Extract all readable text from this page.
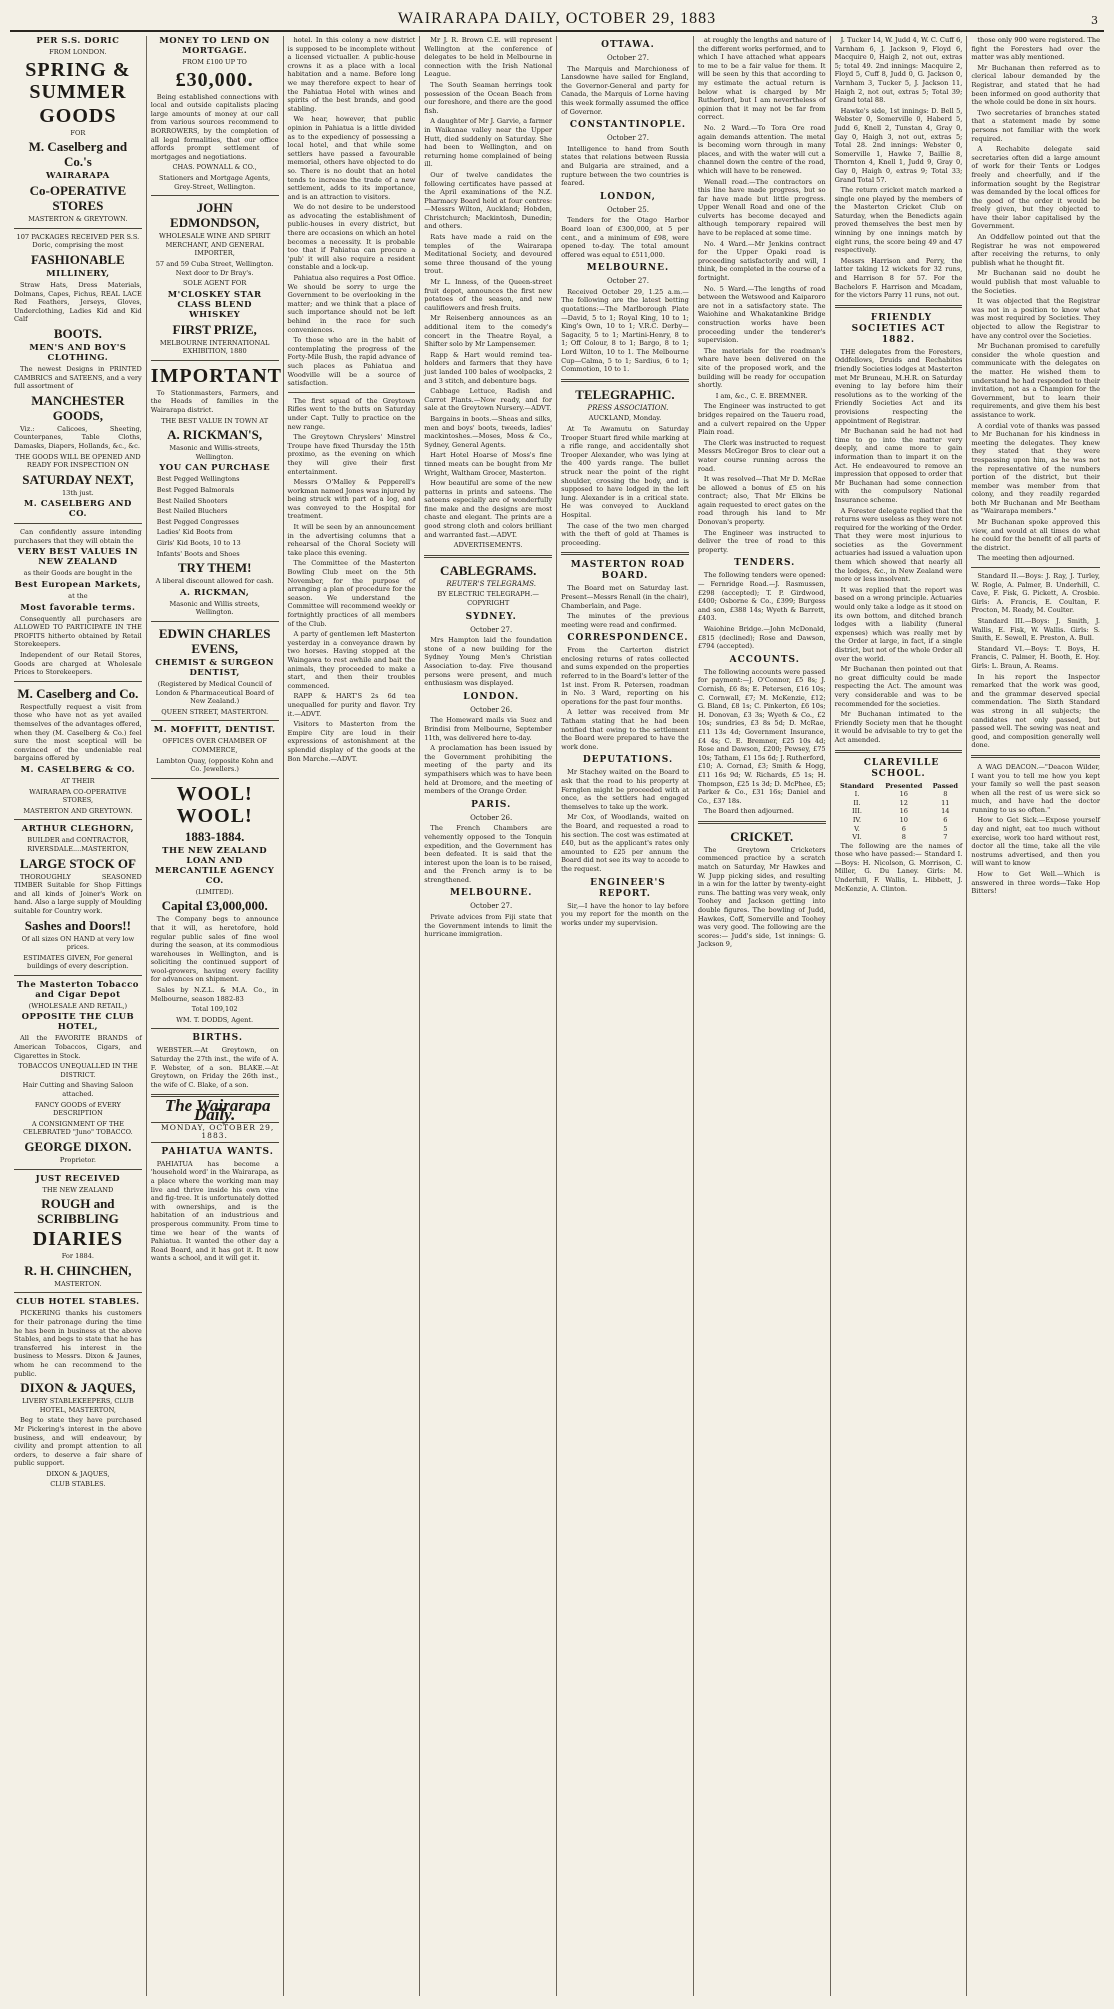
WAIRARAPA DAILY, OCTOBER 29, 1883	3

PER S.S. DORIC

FROM LONDON.

SPRING & SUMMER

GOODS

FOR

M. Caselberg and Co.'s

WAIRARAPA

Co-OPERATIVE STORES

MASTERTON & GREYTOWN.

107 PACKAGES RECEIVED PER S.S. Doric, comprising the most

FASHIONABLE

MILLINERY,

Straw Hats, Dress Materials, Dolmans, Capes, Fichus, REAL LACE Red Feathers, Jerseys, Gloves, Underclothing, Ladies Kid and Kid Calf

BOOTS.

MEN'S AND BOY'S CLOTHING.

The newest Designs in PRINTED CAMBRICS and SATEENS, and a very full assortment of

MANCHESTER GOODS,

Viz.: Calicoes, Sheeting, Counterpanes, Table Cloths, Damasks, Diapers, Hollands, &c., &c.

THE GOODS WILL BE OPENED AND READY FOR INSPECTION ON

SATURDAY NEXT,

13th just.

M. CASELBERG AND CO.

Can confidently assure intending purchasers that they will obtain the

VERY BEST VALUES IN NEW ZEALAND

as their Goods are bought in the

Best European Markets,

at the

Most favorable terms.

Consequently all purchasers are ALLOWED TO PARTICIPATE IN THE PROFITS hitherto obtained by Retail Storekeepers.

Independent of our Retail Stores, Goods are charged at Wholesale Prices to Storekeepers.

M. Caselberg and Co.

Respectfully request a visit from those who have not as yet availed themselves of the advantages offered, when they (M. Caselberg & Co.) feel sure the most sceptical will be convinced of the undeniable real bargains offered by

M. CASELBERG & CO.

AT THEIR

WAIRARAPA CO-OPERATIVE STORES,

MASTERTON AND GREYTOWN.

ARTHUR CLEGHORN,

BUILDER and CONTRACTOR, RIVERSDALE....MASTERTON,

LARGE STOCK OF

THOROUGHLY SEASONED TIMBER Suitable for Shop Fittings and all kinds of Joiner's Work on hand. Also a large supply of Moulding suitable for Country work.

Sashes and Doors!!

Of all sizes ON HAND at very low prices.

ESTIMATES GIVEN, For general buildings of every description.

The Masterton Tobacco and Cigar Depot

(WHOLESALE AND RETAIL,)

OPPOSITE THE CLUB HOTEL,

All the FAVORITE BRANDS of American Tobaccos, Cigars, and Cigarettes in Stock.

TOBACCOS UNEQUALLED IN THE DISTRICT.

Hair Cutting and Shaving Saloon attached.

FANCY GOODS of EVERY DESCRIPTION

A CONSIGNMENT OF THE CELEBRATED "Juno" TOBACCO.

GEORGE DIXON.

Proprietor.

JUST RECEIVED

THE NEW ZEALAND

ROUGH and SCRIBBLING

DIARIES

For 1884.

R. H. CHINCHEN,

MASTERTON.

CLUB HOTEL STABLES.

PICKERING thanks his customers for their patronage during the time he has been in business at the above Stables, and begs to state that he has transferred his interest in the business to Messrs. Dixon & Jaunes, whom he can recommend to the public.

DIXON & JAQUES,

LIVERY STABLEKEEPERS, CLUB HOTEL, MASTERTON,

Beg to state they have purchased Mr Pickering's interest in the above business, and will endeavour, by civility and prompt attention to all orders, to deserve a fair share of public support.

DIXON & JAQUES,

CLUB STABLES.

MONEY TO LEND ON MORTGAGE.

FROM £100 UP TO

£30,000.

Being established connections with local and outside capitalists placing large amounts of money at our call from various sources recommend to BORROWERS, by the completion of all legal formalities, that our office affords prompt settlement of mortgages and negotiations.

CHAS. POWNALL & CO.,

Stationers and Mortgage Agents, Grey-Street, Wellington.

JOHN EDMONDSON,

WHOLESALE WINE AND SPIRIT MERCHANT, AND GENERAL IMPORTER,

57 and 59 Cuba Street, Wellington. Next door to Dr Bray's.

SOLE AGENT FOR

M'CLOSKEY STAR CLASS BLEND WHISKEY

FIRST PRIZE,

MELBOURNE INTERNATIONAL EXHIBITION, 1880

IMPORTANT

To Stationmasters, Farmers, and the Heads of families in the Wairarapa district.

THE BEST VALUE IN TOWN AT

A. RICKMAN'S,

Masonic and Willis-streets, Wellington.

YOU CAN PURCHASE

Best Pegged Wellingtons

Best Pegged Balmorals

Best Nailed Shooters

Best Nailed Bluchers

Best Pegged Congresses

Ladies' Kid Boots from

Girls' Kid Boots, 10 to 13

Infants' Boots and Shoes

TRY THEM!

A liberal discount allowed for cash.

A. RICKMAN,

Masonic and Willis streets, Wellington.

EDWIN CHARLES EVENS,

CHEMIST & SURGEON DENTIST,

(Registered by Medical Council of London & Pharmaceutical Board of New Zealand.)

QUEEN STREET, MASTERTON.

M. MOFFITT, DENTIST.

OFFICES OVER CHAMBER OF COMMERCE,

Lambton Quay, (opposite Kohn and Co. Jewellers.)

WOOL! WOOL!

1883-1884.

THE NEW ZEALAND LOAN AND MERCANTILE AGENCY CO.

(LIMITED).

Capital £3,000,000.

The Company begs to announce that it will, as heretofore, hold regular public sales of fine wool during the season, at its commodious warehouses in Wellington, and is soliciting the continued support of wool-growers, having every facility for advances on shipment.

Sales by N.Z.L. & M.A. Co., in Melbourne, season 1882-83

Total 109,102

WM. T. DODDS, Agent.

BIRTHS.

WEBSTER.—At Greytown, on Saturday the 27th inst., the wife of A. F. Webster, of a son. BLAKE.—At Greytown, on Friday the 26th inst., the wife of C. Blake, of a son.

The Wairarapa Daily.

MONDAY, OCTOBER 29, 1883.

PAHIATUA WANTS.

PAHIATUA has become a 'household word' in the Wairarapa, as a place where the working man may live and thrive inside his own vine and fig-tree. It is unfortunately dotted with ownerships, and is the habitation of an industrious and prosperous community. From time to time we hear of the wants of Pahiatua. It wanted the other day a Road Board, and it has got it. It now wants a school, and it will get it.

hotel. In this colony a new district is supposed to be incomplete without a licensed victualler. A public-house crowns it as a place with a local habitation and a name. Before long we may therefore expect to hear of the Pahiatua Hotel with wines and spirits of the best brands, and good stabling.

We hear, however, that public opinion in Pahiatua is a little divided as to the expediency of possessing a local hotel, and that while some settlers have passed a favourable memorial, others have objected to do so. There is no doubt that an hotel tends to increase the trade of a new settlement, adds to its importance, and is an attraction to visitors.

We do not desire to be understood as advocating the establishment of public-houses in every district, but there are occasions on which an hotel becomes a necessity. It is probable too that if Pahiatua can procure a 'pub' it will also require a resident constable and a lock-up.

Pahiatua also requires a Post Office. We should be sorry to urge the Government to be overlooking in the matter; and we think that a place of such importance should not be left behind in the race for such conveniences.

To those who are in the habit of contemplating the progress of the Forty-Mile Bush, the rapid advance of such places as Pahiatua and Woodville will be a source of satisfaction.

The first squad of the Greytown Rifles went to the butts on Saturday under Capt. Tully to practice on the new range.

The Greytown Chryslers' Minstrel Troupe have fixed Thursday the 15th proximo, as the evening on which they will give their first entertainment.

Messrs O'Malley & Pepperell's workman named Jones was injured by being struck with part of a log, and was conveyed to the Hospital for treatment.

It will be seen by an announcement in the advertising columns that a rehearsal of the Choral Society will take place this evening.

The Committee of the Masterton Bowling Club meet on the 5th November, for the purpose of arranging a plan of procedure for the season. We understand the Committee will recommend weekly or fortnightly practices of all members of the Club.

A party of gentlemen left Masterton yesterday in a conveyance drawn by two horses. Having stopped at the Waingawa to rest awhile and bait the animals, they proceeded to make a start, and then their troubles commenced.

RAPP & HART'S 2s 6d tea unequalled for purity and flavor. Try it.—ADVT.

Visitors to Masterton from the Empire City are loud in their expressions of astonishment at the splendid display of the goods at the Bon Marche.—ADVT.

Mr J. R. Brown C.E. will represent Wellington at the conference of delegates to be held in Melbourne in connection with the Irish National League.

The South Seaman herrings took possession of the Ocean Beach from our foreshore, and there are the good fish.

A daughter of Mr J. Garvie, a farmer in Waikanae valley near the Upper Hutt, died suddenly on Saturday. She had been to Wellington, and on returning home complained of being ill.

Our of twelve candidates the following certificates have passed at the April examinations of the N.Z. Pharmacy Board held at four centres:—Messrs Wilton, Auckland; Hobden, Christchurch; Mackintosh, Dunedin; and others.

Rats have made a raid on the temples of the Wairarapa Meditational Society, and devoured some three thousand of the young trout.

Mr L. Inness, of the Queen-street fruit depot, announces the first new potatoes of the season, and new cauliflowers and fresh fruits.

Mr Reisenberg announces as an additional item to the comedy's concert in the Theatre Royal, a Shifter solo by Mr Lampensemer.

Rapp & Hart would remind tea-holders and farmers that they have just landed 100 bales of woolpacks, 2 and 3 stitch, and debenture bags.

Cabbage Lettuce, Radish and Carrot Plants.—Now ready, and for sale at the Greytown Nursery.—ADVT.

Bargains in boots.—Sheas and silks, men and boys' boots, tweeds, ladies' mackintoshes.—Moses, Moss & Co., Sydney, General Agents.

Hart Hotel Hoarse of Moss's fine tinned meats can be bought from Mr Wright, Waltham Grocer, Masterton.

How beautiful are some of the new patterns in prints and sateens. The sateens especially are of wonderfully fine make and the designs are most chaste and elegant. The prints are a good strong cloth and colors brilliant and warranted fast.—ADVT.

ADVERTISEMENTS.

CABLEGRAMS.

REUTER'S TELEGRAMS.

BY ELECTRIC TELEGRAPH.—COPYRIGHT

SYDNEY.

October 27.

Mrs Hampton laid the foundation stone of a new building for the Sydney Young Men's Christian Association to-day. Five thousand persons were present, and much enthusiasm was displayed.

LONDON.

October 26.

The Homeward mails via Suez and Brindisi from Melbourne, September 11th, was delivered here to-day.

A proclamation has been issued by the Government prohibiting the meeting of the party and its sympathisers which was to have been held at Dromore, and the meeting of members of the Orange Order.

PARIS.

October 26.

The French Chambers are vehemently opposed to the Tonquin expedition, and the Government has been defeated. It is said that the interest upon the loan is to be raised, and the French army is to be strengthened.

MELBOURNE.

October 27.

Private advices from Fiji state that the Government intends to limit the hurricane immigration.

OTTAWA.

October 27.

The Marquis and Marchioness of Lansdowne have sailed for England, the Governor-General and party for Canada, the Marquis of Lorne having this week formally assumed the office of Governor.

CONSTANTINOPLE.

October 27.

Intelligence to hand from South states that relations between Russia and Bulgaria are strained, and a rupture between the two countries is feared.

LONDON,

October 25.

Tenders for the Otago Harbor Board loan of £300,000, at 5 per cent., and a minimum of £98, were opened to-day. The total amount offered was equal to £511,000.

MELBOURNE.

October 27.

Received October 29, 1.25 a.m.—The following are the latest betting quotations:—The Marlborough Plate —David, 5 to 1; Royal King, 10 to 1; King's Own, 10 to 1; V.R.C. Derby—Sagacity, 5 to 1; Martini-Henry, 8 to 1; Off Colour, 8 to 1; Bargo, 8 to 1; Lord Wilton, 10 to 1. The Melbourne Cup—Calma, 5 to 1; Sardius, 6 to 1; Commotion, 10 to 1.

TELEGRAPHIC.

PRESS ASSOCIATION.

AUCKLAND, Monday.

At Te Awamutu on Saturday Trooper Stuart fired while marking at a rifle range, and accidentally shot Trooper Alexander, who was lying at the 400 yards range. The bullet struck near the point of the right shoulder, crossing the body, and is supposed to have lodged in the left lung. Alexander is in a critical state. He was conveyed to Auckland Hospital.

The case of the two men charged with the theft of gold at Thames is proceeding.

MASTERTON ROAD BOARD.

The Board met on Saturday last. Present—Messrs Renall (in the chair), Chamberlain, and Page.

The minutes of the previous meeting were read and confirmed.

CORRESPONDENCE.

From the Carterton district enclosing returns of rates collected and sums expended on the properties referred to in the Board's letter of the 1st inst. From R. Petersen, roadman in No. 3 Ward, reporting on his operations for the past four months.

A letter was received from Mr Tatham stating that he had been notified that owing to the settlement the Board were prepared to have the work done.

DEPUTATIONS.

Mr Stachey waited on the Board to ask that the road to his property at Fernglen might be proceeded with at once, as the settlers had engaged themselves to take up the work.

Mr Cox, of Woodlands, waited on the Board, and requested a road to his section. The cost was estimated at £40, but as the applicant's rates only amounted to £25 per annum the Board did not see its way to accede to the request.

ENGINEER'S REPORT.

Sir,—I have the honor to lay before you my report for the month on the works under my supervision.

at roughly the lengths and nature of the different works performed, and to which I have attached what appears to me to be a fair value for them. It will be seen by this that according to my estimate the actual return is below what is charged by Mr Rutherford, but I am nevertheless of opinion that it may not be far from correct.

No. 2 Ward.—To Tora Ore road again demands attention. The metal is becoming worn through in many places, and with the water will cut a channel down the centre of the road, which will have to be renewed.

Wenall road.—The contractors on this line have made progress, but so far have made but little progress. Upper Wenall Road and one of the culverts has become decayed and although temporary repaired will have to be replaced at some time.

No. 4 Ward.—Mr Jenkins contract for the Upper Opaki road is proceeding satisfactorily and will, I think, be completed in the course of a fortnight.

No. 5 Ward.—The lengths of road between the Wetswood and Kaiparoro are not in a satisfactory state. The Waiohine and Whakatankine Bridge construction works have been proceeding under the tenderer's supervision.

The materials for the roadman's whare have been delivered on the site of the proposed work, and the building will be ready for occupation shortly.

I am, &c., C. E. BREMNER.

The Engineer was instructed to get bridges repaired on the Taueru road, and a culvert repaired on the Upper Plain road.

The Clerk was instructed to request Messrs McGregor Bros to clear out a water course running across the road.

It was resolved—That Mr D. McRae be allowed a bonus of £5 on his contract; also, That Mr Elkins be again requested to erect gates on the road through his land to Mr Donovan's property.

The Engineer was instructed to deliver the tree of road to this property.

TENDERS.

The following tenders were opened:— Fernridge Road.—J. Rasmussen, £298 (accepted); T. P. Girdwood, £400; Osborne & Co., £399; Burgess and son, £388 14s; Wyeth & Barrett, £403.

Waiohine Bridge.—John McDonald, £815 (declined); Rose and Dawson, £794 (accepted).

ACCOUNTS.

The following accounts were passed for payment:—J. O'Connor, £5 8s; J. Cornish, £6 8s; E. Petersen, £16 10s; C. Cornwall, £7; M. McKenzie, £12; G. Bland, £8 1s; C. Pinkerton, £6 10s; H. Donovan, £3 3s; Wyeth & Co., £2 10s; sundries, £3 8s 5d; D. McRae, £11 13s 4d; Government Insurance, £4 4s; C. E. Bremner, £25 10s 4d; Rose and Dawson, £200; Pewsey, £75 10s; Tatham, £1 15s 6d; J. Rutherford, £10; A. Cornad, £3; Smith & Hogg, £11 16s 9d; W. Richards, £5 1s; H. Thompson, £25 1s 3d; D. McPhee, £5; Parker & Co., £31 16s; Daniel and Co., £37 18s.

The Board then adjourned.

CRICKET.

The Greytown Cricketers commenced practice by a scratch match on Saturday, Mr Hawkes and W. Jupp picking sides, and resulting in a win for the latter by twenty-eight runs. The batting was very weak, only Toohey and Jackson getting into double figures. The bowling of Judd, Hawkes, Coff, Somerville and Toohey was very good. The following are the scores:— Judd's side, 1st innings: G. Jackson 9,

J. Tucker 14, W. Judd 4, W. C. Cuff 6, Varnham 6, J. Jackson 9, Floyd 6, Macquire 0, Haigh 2, not out, extras 5; total 49. 2nd innings: Macquire 2, Floyd 5, Cuff 8, Judd 0, G. Jackson 0, Varnham 3, Tucker 5, J. Jackson 11, Haigh 2, not out, extras 5; Total 39; Grand total 88.

Hawke's side, 1st innings: D. Bell 5, Webster 0, Somerville 0, Haberd 5, Judd 6, Knell 2, Tunstan 4, Gray 0, Gay 0, Haigh 3, not out, extras 5; Total 28. 2nd innings: Webster 0, Somerville 1, Hawke 7, Baillie 8, Thornton 4, Knell 1, Judd 9, Gray 0, Gay 0, Haigh 0, extras 9; Total 33; Grand Total 57.

The return cricket match marked a single one played by the members of the Masterton Cricket Club on Saturday, when the Benedicts again proved themselves the best men by winning by one innings match by eight runs, the score being 49 and 47 respectively.

Messrs Harrison and Perry, the latter taking 12 wickets for 32 runs, and Harrison 8 for 57. For the Bachelors F. Harrison and Mcadam, for the victors Parry 11 runs, not out.

FRIENDLY SOCIETIES ACT 1882.

THE delegates from the Foresters, Oddfellows, Druids and Rechabites friendly Societies lodges at Masterton met Mr Bruneau, M.H.R. on Saturday evening to lay before him their resolutions as to the working of the Friendly Societies Act and its provisions respecting the appointment of Registrar.

Mr Buchanan said he had not had time to go into the matter very deeply, and came more to gain information than to impart it on the Act. He endeavoured to remove an impression that opposed to order that Mr Buchanan had some connection with the compulsory National Insurance scheme.

A Forester delegate replied that the returns were useless as they were not required for the working of the Order. That they were most injurious to societies as the Government actuaries had issued a valuation upon them which showed that nearly all the lodges, &c., in New Zealand were more or less insolvent.

It was replied that the report was based on a wrong principle. Actuaries would only take a lodge as it stood on its own bottom, and ditched branch lodges with a liability (funeral expenses) which was really met by the Order at large, in fact, if a single district, but not of the whole Order all over the world.

Mr Buchanan then pointed out that no great difficulty could be made respecting the Act. The amount was very considerable and was to be recommended for the societies.

Mr Buchanan intimated to the Friendly Society men that he thought it would be advisable to try to get the Act amended.

CLAREVILLE SCHOOL.

Standard	Presented	Passed
I.	16	8
II.	12	11
III.	16	14
IV.	10	6
V.	6	5
VI.	8	7

The following are the names of those who have passed:— Standard I.—Boys: H. Nicolson, G. Morrison, C. Miller, G. Du Laney. Girls: M. Underhill, F. Wallis, L. Hibbett, J. McKenzie, A. Clinton.

those only 900 were registered. The fight the Foresters had over the matter was ably mentioned.

Mr Buchanan then referred as to clerical labour demanded by the Registrar, and stated that he had been informed on good authority that the whole could be done in six hours.

Two secretaries of branches stated that a statement made by some persons not familiar with the work required.

A Rechabite delegate said secretaries often did a large amount of work for their Tents or Lodges freely and cheerfully, and if the information sought by the Registrar was demanded by the local offices for the good of the order it would be freely given, but they objected to have their labor capitalised by the Government.

An Oddfellow pointed out that the Registrar he was not empowered after receiving the returns, to only publish what he thought fit.

Mr Buchanan said no doubt he would publish that most valuable to the Societies.

It was objected that the Registrar was not in a position to know what was most required by Societies. They objected to allow the Registrar to have any control over the Societies.

Mr Buchanan promised to carefully consider the whole question and communicate with the delegates on the matter. He wished them to understand he had responded to their invitation, not as a Champion for the Government, but to learn their requirements, and give them his best assistance to work.

A cordial vote of thanks was passed to Mr Buchanan for his kindness in meeting the delegates. They knew they stated that they were trespassing upon him, as he was not the representative of the numbers portion of the district, but their member was member from that colony, and they readily regarded both Mr Buchanan and Mr Beetham as "Wairarapa members."

Mr Buchanan spoke approved this view, and would at all times do what he could for the benefit of all parts of the district.

The meeting then adjourned.

Standard II.—Boys: J. Ray, J. Turley, W. Rogle, A. Palmer, B. Underhill, C. Cave, F. Fisk, G. Pickett, A. Crosbie. Girls: A. Francis, E. Coultan, F. Procton, M. Ready, M. Coulter.

Standard III.—Boys: J. Smith, J. Wallis, E. Fisk, W. Wallis. Girls: S. Smith, E. Sewell, E. Preston, A. Bull.

Standard VI.—Boys: T. Boys, H. Francis, C. Palmer, H. Booth, E. Hoy. Girls: L. Braun, A. Reams.

In his report the Inspector remarked that the work was good, and the grammar deserved special commendation. The Sixth Standard was strong in all subjects; the candidates not only passed, but passed well. The sewing was neat and good, and composition generally well done.

A WAG DEACON.—"Deacon Wilder, I want you to tell me how you kept your family so well the past season when all the rest of us were sick so much, and have had the doctor running to us so often."

How to Get Sick.—Expose yourself day and night, eat too much without exercise, work too hard without rest, doctor all the time, take all the vile nostrums advertised, and then you will want to know

How to Get Well.—Which is answered in three words—Take Hop Bitters!
